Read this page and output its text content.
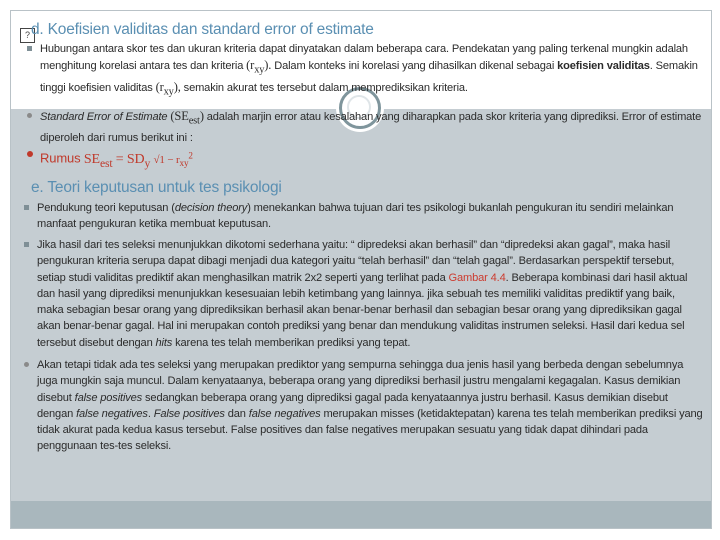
? d. Koefisien validitas dan standard error of estimate

Hubungan antara skor tes dan ukuran kriteria dapat dinyatakan dalam beberapa cara. Pendekatan yang paling terkenal mungkin adalah menghitung korelasi antara tes dan kriteria $(r_{xy})$. Dalam konteks ini korelasi yang dihasilkan dikenal sebagai koefisien validitas. Semakin tinggi koefisien validitas $(r_{xy})$, semakin akurat tes tersebut dalam memprediksikan kriteria.

Standard Error of Estimate $(SE_{est})$ adalah marjin error atau kesalahan yang diharapkan pada skor kriteria yang diprediksi. Error of estimate diperoleh dari rumus berikut ini :

Rumus $SE_{est} = SD_y$ $√1 - r_{xy}^2$
e. Teori keputusan untuk tes psikologi

Pendukung teori keputusan (decision theory) menekankan bahwa tujuan dari tes psikologi bukanlah pengukuran itu sendiri melainkan manfaat pengukuran ketika membuat keputusan.

Jika hasil dari tes seleksi menunjukkan dikotomi sederhana yaitu: “ dipredeksi akan berhasil” dan “dipredeksi akan gagal”, maka hasil pengukuran kriteria serupa dapat dibagi menjadi dua kategori yaitu “telah berhasil” dan “telah gagal”. Berdasarkan perspektif tersebut, setiap studi validitas prediktif akan menghasilkan matrik 2x2 seperti yang terlihat pada Gambar 4.4. Beberapa kombinasi dari hasil aktual dan hasil yang diprediksi menunjukkan kesesuaian lebih ketimbang yang lainnya. jika sebuah tes memiliki validitas prediktif yang baik, maka sebagian besar orang yang diprediksikan berhasil akan benar-benar berhasil dan sebagian besar orang yang diprediksikan gagal akan benar-benar gagal. Hal ini merupakan contoh prediksi yang benar dan mendukung validitas instrumen seleksi. Hasil dari kedua sel tersebut disebut dengan hits karena tes telah memberikan prediksi yang tepat.

Akan tetapi tidak ada tes seleksi yang merupakan prediktor yang sempurna sehingga dua jenis hasil yang berbeda dengan sebelumnya juga mungkin saja muncul. Dalam kenyataanya, beberapa orang yang diprediksi berhasil justru mengalami kegagalan. Kasus demikian disebut false positives sedangkan beberapa orang yang diprediksi gagal pada kenyataannya justru berhasil. Kasus demikian disebut dengan false negatives. False positives dan false negatives merupakan misses (ketidaktepatan) karena tes telah memberikan prediksi yang tidak akurat pada kedua kasus tersebut. False positives dan false negatives merupakan sesuatu yang tidak dapat dihindari pada penggunaan tes-tes seleksi.
